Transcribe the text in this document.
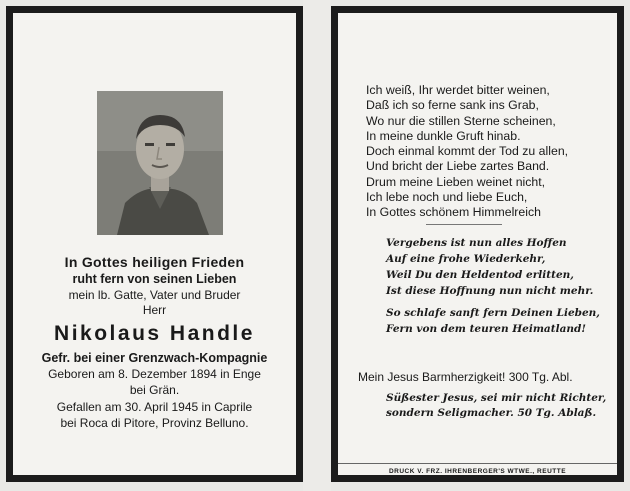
In Gottes heiligen Frieden
ruht fern von seinen Lieben
mein lb. Gatte, Vater und Bruder
Herr
Nikolaus Handle
Gefr. bei einer Grenzwach-Kompagnie
Geboren am 8. Dezember 1894 in Enge
bei Grän.
Gefallen am 30. April 1945 in Caprile
bei Roca di Pitore, Provinz Belluno.
Ich weiß, Ihr werdet bitter weinen,
Daß ich so ferne sank ins Grab,
Wo nur die stillen Sterne scheinen,
In meine dunkle Gruft hinab.
Doch einmal kommt der Tod zu allen,
Und bricht der Liebe zartes Band.
Drum meine Lieben weinet nicht,
Ich lebe noch und liebe Euch,
In Gottes schönem Himmelreich
Vergebens ist nun alles Hoffen
Auf eine frohe Wiederkehr,
Weil Du den Heldentod erlitten,
Ist diese Hoffnung nun nicht mehr.
So schlafe sanft fern Deinen Lieben,
Fern von dem teuren Heimatland!
Mein Jesus Barmherzigkeit! 300 Tg. Abl.
Süßester Jesus, sei mir nicht Richter,
sondern Seligmacher. 50 Tg. Ablaß.
DRUCK V. FRZ. IHRENBERGER'S WTWE., REUTTE
